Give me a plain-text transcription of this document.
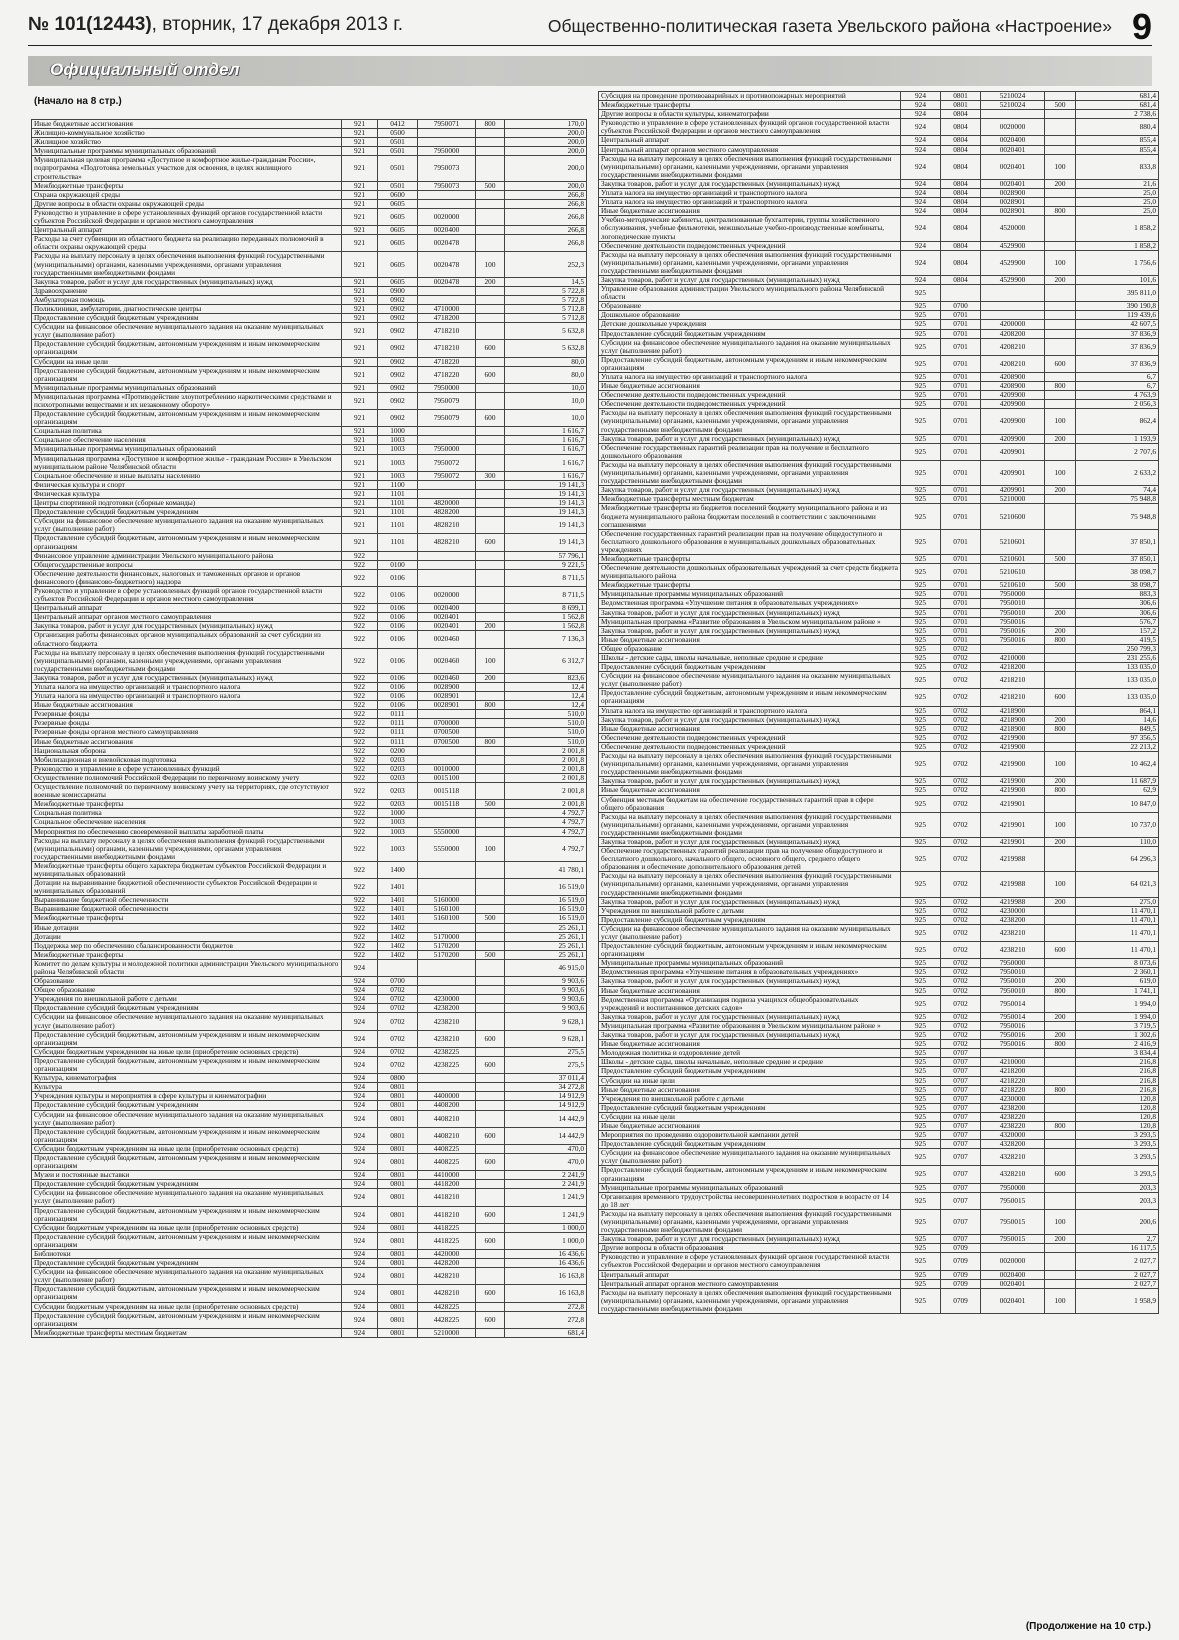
№ 101(12443), вторник, 17 декабря 2013 г.	Общественно-политическая газета Увельского района «Настроение» 9
Официальный отдел
(Начало на 8 стр.)
Иные бюджетные ассигнования	921	0412	7950071	800	170,0
Жилищно-коммунальное хозяйство	921	0500			200,0
Жилищное хозяйство	921	0501			200,0
Муниципальные программы муниципальных образований	921	0501	7950000		200,0
Муниципальная целевая программа «Доступное и комфортное жилье-гражданам России», подпрограмма «Подготовка земельных участков для освоения, в целях жилищного строительства»	921	0501	7950073		200,0
Межбюджетные трансферты	921	0501	7950073	500	200,0
Охрана окружающей среды	921	0600			266,8
Другие вопросы в области охраны окружающей среды	921	0605			266,8
Руководство и управление в сфере установленных функций органов государственной власти субъектов Российской Федерации и органов местного самоуправления	921	0605	0020000		266,8
Центральный аппарат	921	0605	0020400		266,8
Расходы за счет субвенции из областного бюджета на реализацию переданных полномочий в области охраны окружающей среды	921	0605	0020478		266,8
Расходы на выплату персоналу в целях обеспечения выполнения функций государственными (муниципальными) органами, казенными учреждениями, органами управления государственными внебюджетными фондами	921	0605	0020478	100	252,3
Закупка товаров, работ и услуг для государственных (муниципальных) нужд	921	0605	0020478	200	14,5
Здравоохранение	921	0900			5 722,8
Амбулаторная помощь	921	0902			5 722,8
Поликлиники, амбулатории, диагностические центры	921	0902	4710000		5 712,8
Предоставление субсидий бюджетным учреждениям	921	0902	4718200		5 712,8
Субсидии на финансовое обеспечение муниципального задания на оказание муниципальных услуг (выполнение работ)	921	0902	4718210		5 632,8
Предоставление субсидий бюджетным, автономным учреждениям и иным некоммерческим организациям	921	0902	4718210	600	5 632,8
Субсидии на иные цели	921	0902	4718220		80,0
Предоставление субсидий бюджетным, автономным учреждениям и иным некоммерческим организациям	921	0902	4718220	600	80,0
Муниципальные программы муниципальных образований	921	0902	7950000		10,0
Муниципальная программа «Противодействие злоупотреблению наркотическими средствами и психотропными веществами и их незаконному обороту»	921	0902	7950079		10,0
Предоставление субсидий бюджетным, автономным учреждениям и иным некоммерческим организациям	921	0902	7950079	600	10,0
Социальная политика	921	1000			1 616,7
Социальное обеспечение населения	921	1003			1 616,7
Муниципальные программы муниципальных образований	921	1003	7950000		1 616,7
Муниципальная программа «Доступное и комфортное жилье - гражданам России» в Увельском муниципальном районе Челябинской области	921	1003	7950072		1 616,7
Социальное обеспечение и иные выплаты населению	921	1003	7950072	300	1 616,7
Физическая культура и спорт	921	1100			19 141,3
Физическая культура	921	1101			19 141,3
Центры спортивной подготовки (сборные команды)	921	1101	4820000		19 141,3
Предоставление субсидий бюджетным учреждениям	921	1101	4828200		19 141,3
Субсидии на финансовое обеспечение муниципального задания на оказание муниципальных услуг (выполнение работ)	921	1101	4828210		19 141,3
Предоставление субсидий бюджетным, автономным учреждениям и иным некоммерческим организациям	921	1101	4828210	600	19 141,3
Финансовое управление администрации Увельского муниципального района	922				57 796,1
Общегосударственные вопросы	922	0100			9 221,5
Обеспечение деятельности финансовых, налоговых и таможенных органов и органов финансового (финансово-бюджетного) надзора	922	0106			8 711,5
Руководство и управление в сфере установленных функций органов государственной власти субъектов Российской Федерации и органов местного самоуправления	922	0106	0020000		8 711,5
Центральный аппарат	922	0106	0020400		8 699,1
Центральный аппарат органов местного самоуправления	922	0106	0020401		1 562,8
Закупка товаров, работ и услуг для государственных (муниципальных) нужд	922	0106	0020401	200	1 562,8
Организация работы финансовых органов муниципальных образований за счет субсидии из областного бюджета	922	0106	0020460		7 136,3
Расходы на выплату персоналу в целях обеспечения выполнения функций государственными (муниципальными) органами, казенными учреждениями, органами управления государственными внебюджетными фондами	922	0106	0020460	100	6 312,7
Закупка товаров, работ и услуг для государственных (муниципальных) нужд	922	0106	0020460	200	823,6
Уплата налога на имущество организаций и транспортного налога	922	0106	0028900		12,4
Уплата налога на имущество организаций и транспортного налога	922	0106	0028901		12,4
Иные бюджетные ассигнования	922	0106	0028901	800	12,4
Резервные фонды	922	0111			510,0
Резервные фонды	922	0111	0700000		510,0
Резервные фонды органов местного самоуправления	922	0111	0700500		510,0
Иные бюджетные ассигнования	922	0111	0700500	800	510,0
Национальная оборона	922	0200			2 001,8
Мобилизационная и вневойсковая подготовка	922	0203			2 001,8
Руководство и управление в сфере установленных функций	922	0203	0010000		2 001,8
Осуществление полномочий Российской Федерации по первичному воинскому учету	922	0203	0015100		2 001,8
Осуществление полномочий по первичному воинскому учету на территориях, где отсутствуют военные комиссариаты	922	0203	0015118		2 001,8
Межбюджетные трансферты	922	0203	0015118	500	2 001,8
Социальная политика	922	1000			4 792,7
Социальное обеспечение населения	922	1003			4 792,7
Мероприятия по обеспечению своевременной выплаты заработной платы	922	1003	5550000		4 792,7
Расходы на выплату персоналу в целях обеспечения выполнения функций государственными (муниципальными) органами, казенными учреждениями, органами управления государственными внебюджетными фондами	922	1003	5550000	100	4 792,7
Межбюджетные трансферты общего характера бюджетам субъектов Российской Федерации и муниципальных образований	922	1400			41 780,1
Дотации на выравнивание бюджетной обеспеченности субъектов Российской Федерации и муниципальных образований	922	1401			16 519,0
Выравнивание бюджетной обеспеченности	922	1401	5160000		16 519,0
Выравнивание бюджетной обеспеченности	922	1401	5160100		16 519,0
Межбюджетные трансферты	922	1401	5160100	500	16 519,0
Иные дотации	922	1402			25 261,1
Дотации	922	1402	5170000		25 261,1
Поддержка мер по обеспечению сбалансированности бюджетов	922	1402	5170200		25 261,1
Межбюджетные трансферты	922	1402	5170200	500	25 261,1
Комитет по делам культуры и молодежной политики администрации Увельского муниципального района Челябинской области	924				46 915,0
Образование	924	0700			9 903,6
Общее образование	924	0702			9 903,6
Учреждения по внешкольной работе с детьми	924	0702	4230000		9 903,6
Предоставление субсидий бюджетным учреждениям	924	0702	4238200		9 903,6
Субсидии на финансовое обеспечение муниципального задания на оказание муниципальных услуг (выполнение работ)	924	0702	4238210		9 628,1
Предоставление субсидий бюджетным, автономным учреждениям и иным некоммерческим организациям	924	0702	4238210	600	9 628,1
Субсидии бюджетным учреждениям на иные цели (приобретение основных средств)	924	0702	4238225		275,5
Предоставление субсидий бюджетным, автономным учреждениям и иным некоммерческим организациям	924	0702	4238225	600	275,5
Культура, кинематография	924	0800			37 011,4
Культура	924	0801			34 272,8
Учреждения культуры и мероприятия в сфере культуры и кинематографии	924	0801	4400000		14 912,9
Предоставление субсидий бюджетным учреждениям	924	0801	4408200		14 912,9
Субсидии на финансовое обеспечение муниципального задания на оказание муниципальных услуг (выполнение работ)	924	0801	4408210		14 442,9
Предоставление субсидий бюджетным, автономным учреждениям и иным некоммерческим организациям	924	0801	4408210	600	14 442,9
Субсидии бюджетным учреждениям на иные цели (приобретение основных средств)	924	0801	4408225		470,0
Предоставление субсидий бюджетным, автономным учреждениям и иным некоммерческим организациям	924	0801	4408225	600	470,0
Музеи и постоянные выставки	924	0801	4410000		2 241,9
Предоставление субсидий бюджетным учреждениям	924	0801	4418200		2 241,9
Субсидии на финансовое обеспечение муниципального задания на оказание муниципальных услуг (выполнение работ)	924	0801	4418210		1 241,9
Предоставление субсидий бюджетным, автономным учреждениям и иным некоммерческим организациям	924	0801	4418210	600	1 241,9
Субсидии бюджетным учреждениям на иные цели (приобретение основных средств)	924	0801	4418225		1 000,0
Предоставление субсидий бюджетным, автономным учреждениям и иным некоммерческим организациям	924	0801	4418225	600	1 000,0
Библиотеки	924	0801	4420000		16 436,6
Предоставление субсидий бюджетным учреждениям	924	0801	4428200		16 436,6
Субсидии на финансовое обеспечение муниципального задания на оказание муниципальных услуг (выполнение работ)	924	0801	4428210		16 163,8
Предоставление субсидий бюджетным, автономным учреждениям и иным некоммерческим организациям	924	0801	4428210	600	16 163,8
Субсидии бюджетным учреждениям на иные цели (приобретение основных средств)	924	0801	4428225		272,8
Предоставление субсидий бюджетным, автономным учреждениям и иным некоммерческим организациям	924	0801	4428225	600	272,8
Межбюджетные трансферты местным бюджетам	924	0801	5210000		681,4
Субсидия на проведение противоаварийных и противопожарных мероприятий	924	0801	5210024		681,4
Межбюджетные трансферты	924	0801	5210024	500	681,4
Другие вопросы в области культуры, кинематографии	924	0804			2 738,6
Руководство и управление в сфере установленных функций органов государственной власти субъектов Российской Федерации и органов местного самоуправления	924	0804	0020000		880,4
Центральный аппарат	924	0804	0020400		855,4
Центральный аппарат органов местного самоуправления	924	0804	0020401		855,4
Расходы на выплату персоналу в целях обеспечения выполнения функций государственными (муниципальными) органами, казенными учреждениями, органами управления государственными внебюджетными фондами	924	0804	0020401	100	833,8
Закупка товаров, работ и услуг для государственных (муниципальных) нужд	924	0804	0020401	200	21,6
Уплата налога на имущество организаций и транспортного налога	924	0804	0028900		25,0
Уплата налога на имущество организаций и транспортного налога	924	0804	0028901		25,0
Иные бюджетные ассигнования	924	0804	0028901	800	25,0
Учебно-методические кабинеты, централизованные бухгалтерии, группы хозяйственного обслуживания, учебные фильмотеки, межшкольные учебно-производственные комбинаты, логопедические пункты	924	0804	4520000		1 858,2
Обеспечение деятельности подведомственных учреждений	924	0804	4529900		1 858,2
Расходы на выплату персоналу в целях обеспечения выполнения функций государственными (муниципальными) органами, казенными учреждениями, органами управления государственными внебюджетными фондами	924	0804	4529900	100	1 756,6
Закупка товаров, работ и услуг для государственных (муниципальных) нужд	924	0804	4529900	200	101,6
Управление образования администрации Увельского муниципального района Челябинской области	925				395 811,0
Образование	925	0700			390 190,8
Дошкольное образование	925	0701			119 439,6
Детские дошкольные учреждения	925	0701	4200000		42 607,5
Предоставление субсидий бюджетным учреждениям	925	0701	4208200		37 836,9
Субсидии на финансовое обеспечение муниципального задания на оказание муниципальных услуг (выполнение работ)	925	0701	4208210		37 836,9
Предоставление субсидий бюджетным, автономным учреждениям и иным некоммерческим организациям	925	0701	4208210	600	37 836,9
Уплата налога на имущество организаций и транспортного налога	925	0701	4208900		6,7
Иные бюджетные ассигнования	925	0701	4208900	800	6,7
Обеспечение деятельности подведомственных учреждений	925	0701	4209900		4 763,9
Обеспечение деятельности подведомственных учреждений	925	0701	4209900		2 056,3
Расходы на выплату персоналу в целях обеспечения выполнения функций государственными (муниципальными) органами, казенными учреждениями, органами управления государственными внебюджетными фондами	925	0701	4209900	100	862,4
Закупка товаров, работ и услуг для государственных (муниципальных) нужд	925	0701	4209900	200	1 193,9
Обеспечение государственных гарантий реализации прав на получение и бесплатного дошкольного образования	925	0701	4209901		2 707,6
Расходы на выплату персоналу в целях обеспечения выполнения функций государственными (муниципальными) органами, казенными учреждениями, органами управления государственными внебюджетными фондами	925	0701	4209901	100	2 633,2
Закупка товаров, работ и услуг для государственных (муниципальных) нужд	925	0701	4209901	200	74,4
Межбюджетные трансферты местным бюджетам	925	0701	5210000		75 948,8
Межбюджетные трансферты из бюджетов поселений бюджету муниципального района и из бюджета муниципального района бюджетам поселений в соответствии с заключенными соглашениями	925	0701	5210600		75 948,8
Обеспечение государственных гарантий реализации прав на получение общедоступного и бесплатного дошкольного образования в муниципальных дошкольных образовательных учреждениях	925	0701	5210601		37 850,1
Межбюджетные трансферты	925	0701	5210601	500	37 850,1
Обеспечение деятельности дошкольных образовательных учреждений за счет средств бюджета муниципального района	925	0701	5210610		38 098,7
Межбюджетные трансферты	925	0701	5210610	500	38 098,7
Муниципальные программы муниципальных образований	925	0701	7950000		883,3
Ведомственная программа «Улучшение питания в образовательных учреждениях»	925	0701	7950010		306,6
Закупка товаров, работ и услуг для государственных (муниципальных) нужд	925	0701	7950010	200	306,6
Муниципальная программа «Развитие образования в Увельском муниципальном районе »	925	0701	7950016		576,7
Закупка товаров, работ и услуг для государственных (муниципальных) нужд	925	0701	7950016	200	157,2
Иные бюджетные ассигнования	925	0701	7950016	800	419,5
Общее образование	925	0702			250 799,3
Школы - детские сады, школы начальные, неполные средние и средние	925	0702	4210000		231 255,6
Предоставление субсидий бюджетным учреждениям	925	0702	4218200		133 035,0
Субсидии на финансовое обеспечение муниципального задания на оказание муниципальных услуг (выполнение работ)	925	0702	4218210		133 035,0
Предоставление субсидий бюджетным, автономным учреждениям и иным некоммерческим организациям	925	0702	4218210	600	133 035,0
Уплата налога на имущество организаций и транспортного налога	925	0702	4218900		864,1
Закупка товаров, работ и услуг для государственных (муниципальных) нужд	925	0702	4218900	200	14,6
Иные бюджетные ассигнования	925	0702	4218900	800	849,5
Обеспечение деятельности подведомственных учреждений	925	0702	4219900		97 356,5
Обеспечение деятельности подведомственных учреждений	925	0702	4219900		22 213,2
Расходы на выплату персоналу в целях обеспечения выполнения функций государственными (муниципальными) органами, казенными учреждениями, органами управления государственными внебюджетными фондами	925	0702	4219900	100	10 462,4
Закупка товаров, работ и услуг для государственных (муниципальных) нужд	925	0702	4219900	200	11 687,9
Иные бюджетные ассигнования	925	0702	4219900	800	62,9
Субвенция местным бюджетам на обеспечение государственных гарантий прав в сфере общего образования	925	0702	4219901		10 847,0
Расходы на выплату персоналу в целях обеспечения выполнения функций государственными (муниципальными) органами, казенными учреждениями, органами управления государственными внебюджетными фондами	925	0702	4219901	100	10 737,0
Закупка товаров, работ и услуг для государственных (муниципальных) нужд	925	0702	4219901	200	110,0
Обеспечение государственных гарантий реализации прав на получение общедоступного и бесплатного дошкольного, начального общего, основного общего, среднего общего образования и обеспечение дополнительного образования детей	925	0702	4219988		64 296,3
Расходы на выплату персоналу в целях обеспечения выполнения функций государственными (муниципальными) органами, казенными учреждениями, органами управления государственными внебюджетными фондами	925	0702	4219988	100	64 021,3
Закупка товаров, работ и услуг для государственных (муниципальных) нужд	925	0702	4219988	200	275,0
Учреждения по внешкольной работе с детьми	925	0702	4230000		11 470,1
Предоставление субсидий бюджетным учреждениям	925	0702	4238200		11 470,1
Субсидии на финансовое обеспечение муниципального задания на оказание муниципальных услуг (выполнение работ)	925	0702	4238210		11 470,1
Предоставление субсидий бюджетным, автономным учреждениям и иным некоммерческим организациям	925	0702	4238210	600	11 470,1
Муниципальные программы муниципальных образований	925	0702	7950000		8 073,6
Ведомственная программа «Улучшение питания в образовательных учреждениях»	925	0702	7950010		2 360,1
Закупка товаров, работ и услуг для государственных (муниципальных) нужд	925	0702	7950010	200	619,0
Иные бюджетные ассигнования	925	0702	7950010	800	1 741,1
Ведомственная программа «Организация подвоза учащихся общеобразовательных учреждений и воспитанников детских садов»	925	0702	7950014		1 994,0
Закупка товаров, работ и услуг для государственных (муниципальных) нужд	925	0702	7950014	200	1 994,0
Муниципальная программа «Развитие образования в Увельском муниципальном районе »	925	0702	7950016		3 719,5
Закупка товаров, работ и услуг для государственных (муниципальных) нужд	925	0702	7950016	200	1 302,6
Иные бюджетные ассигнования	925	0702	7950016	800	2 416,9
Молодежная политика и оздоровление детей	925	0707			3 834,4
Школы - детские сады, школы начальные, неполные средние и средние	925	0707	4210000		216,8
Предоставление субсидий бюджетным учреждениям	925	0707	4218200		216,8
Субсидии на иные цели	925	0707	4218220		216,8
Иные бюджетные ассигнования	925	0707	4218220	800	216,8
Учреждения по внешкольной работе с детьми	925	0707	4230000		120,8
Предоставление субсидий бюджетным учреждениям	925	0707	4238200		120,8
Субсидии на иные цели	925	0707	4238220		120,8
Иные бюджетные ассигнования	925	0707	4238220	800	120,8
Мероприятия по проведению оздоровительной кампании детей	925	0707	4320000		3 293,5
Предоставление субсидий бюджетным учреждениям	925	0707	4328200		3 293,5
Субсидии на финансовое обеспечение муниципального задания на оказание муниципальных услуг (выполнение работ)	925	0707	4328210		3 293,5
Предоставление субсидий бюджетным, автономным учреждениям и иным некоммерческим организациям	925	0707	4328210	600	3 293,5
Муниципальные программы муниципальных образований	925	0707	7950000		203,3
Организация временного трудоустройства несовершеннолетних подростков в возрасте от 14 до 18 лет	925	0707	7950015		203,3
Расходы на выплату персоналу в целях обеспечения выполнения функций государственными (муниципальными) органами, казенными учреждениями, органами управления государственными внебюджетными фондами	925	0707	7950015	100	200,6
Закупка товаров, работ и услуг для государственных (муниципальных) нужд	925	0707	7950015	200	2,7
Другие вопросы в области образования	925	0709			16 117,5
Руководство и управление в сфере установленных функций органов государственной власти субъектов Российской Федерации и органов местного самоуправления	925	0709	0020000		2 027,7
Центральный аппарат	925	0709	0020400		2 027,7
Центральный аппарат органов местного самоуправления	925	0709	0020401		2 027,7
Расходы на выплату персоналу в целях обеспечения выполнения функций государственными (муниципальными) органами, казенными учреждениями, органами управления государственными внебюджетными фондами	925	0709	0020401	100	1 958,9
(Продолжение на 10 стр.)
